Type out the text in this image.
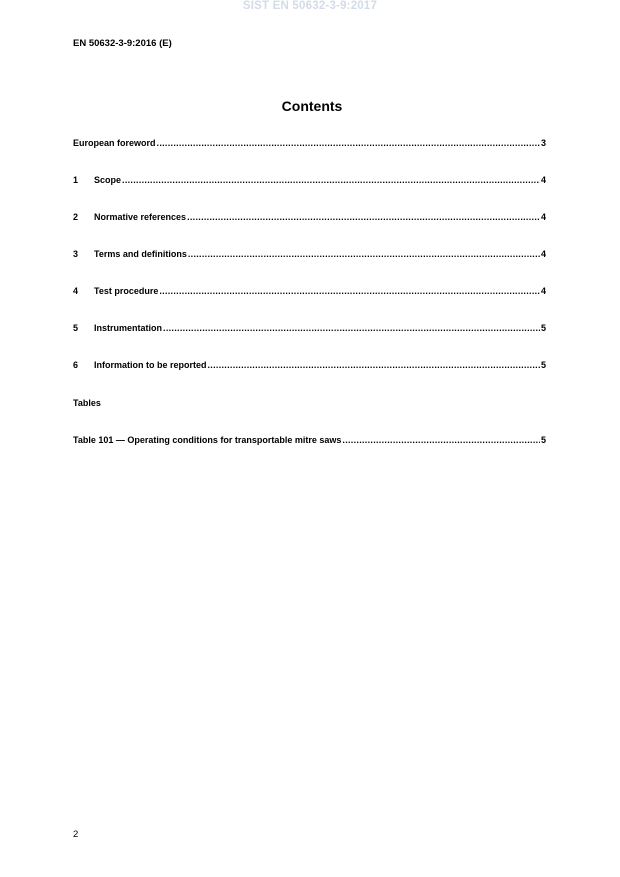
SIST EN 50632-3-9:2017
EN 50632-3-9:2016 (E)
Contents
European foreword .....	3
1	Scope .....	4
2	Normative references .....	4
3	Terms and definitions .....	4
4	Test procedure .....	4
5	Instrumentation .....	5
6	Information to be reported .....	5
Tables
Table 101 — Operating conditions for transportable mitre saws .....	5
2
